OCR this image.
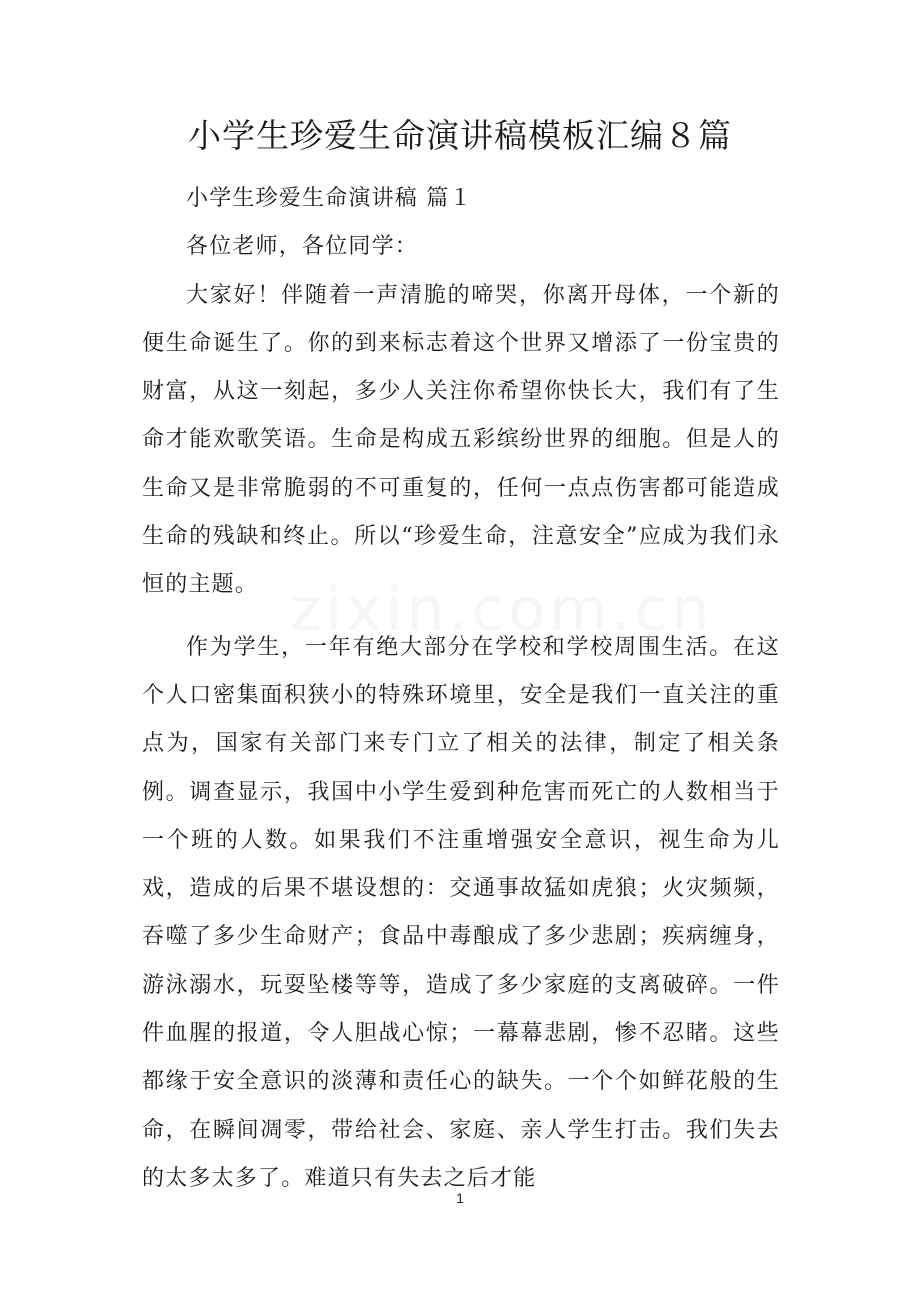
zixin.com.cn
小学生珍爱生命演讲稿模板汇编８篇

小学生珍爱生命演讲稿 篇１

各位老师，各位同学：

大家好！伴随着一声清脆的啼哭，你离开母体，一个新的便生命诞生了。你的到来标志着这个世界又增添了一份宝贵的财富，从这一刻起，多少人关注你希望你快长大，我们有了生命才能欢歌笑语。生命是构成五彩缤纷世界的细胞。但是人的生命又是非常脆弱的不可重复的，任何一点点伤害都可能造成生命的残缺和终止。所以“珍爱生命，注意安全”应成为我们永恒的主题。

作为学生，一年有绝大部分在学校和学校周围生活。在这个人口密集面积狭小的特殊环境里，安全是我们一直关注的重点为，国家有关部门来专门立了相关的法律，制定了相关条例。调查显示，我国中小学生爱到种危害而死亡的人数相当于一个班的人数。如果我们不注重增强安全意识，视生命为儿戏，造成的后果不堪设想的：交通事故猛如虎狼；火灾频频，吞噬了多少生命财产；食品中毒酿成了多少悲剧；疾病缠身，游泳溺水，玩耍坠楼等等，造成了多少家庭的支离破碎。一件件血腥的报道，令人胆战心惊；一幕幕悲剧，惨不忍睹。这些都缘于安全意识的淡薄和责任心的缺失。一个个如鲜花般的生命，在瞬间凋零，带给社会、家庭、亲人学生打击。我们失去的太多太多了。难道只有失去之后才能

1
